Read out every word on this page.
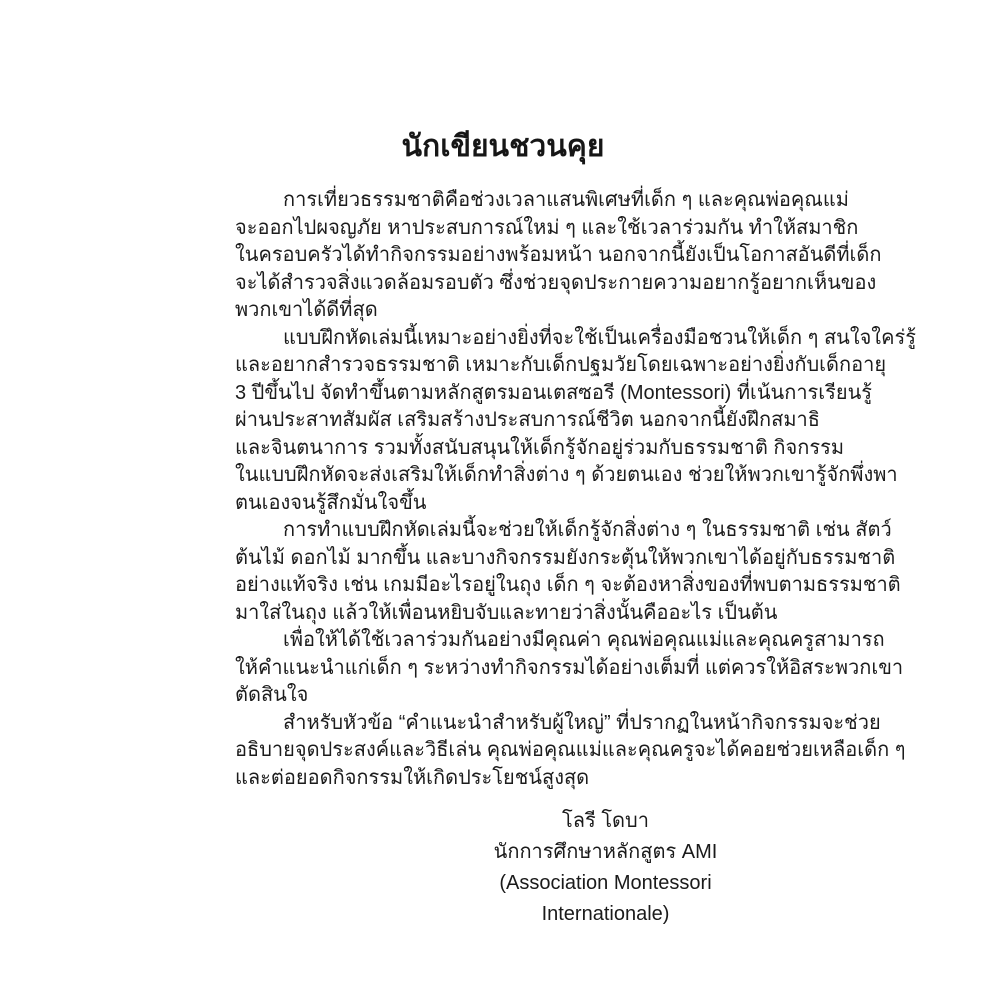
นักเขียนชวนคุย
การเที่ยวธรรมชาติคือช่วงเวลาแสนพิเศษที่เด็ก ๆ และคุณพ่อคุณแม่
จะออกไปผจญภัย หาประสบการณ์ใหม่ ๆ และใช้เวลาร่วมกัน ทำให้สมาชิก
ในครอบครัวได้ทำกิจกรรมอย่างพร้อมหน้า นอกจากนี้ยังเป็นโอกาสอันดีที่เด็ก
จะได้สำรวจสิ่งแวดล้อมรอบตัว ซึ่งช่วยจุดประกายความอยากรู้อยากเห็นของ
พวกเขาได้ดีที่สุด
แบบฝึกหัดเล่มนี้เหมาะอย่างยิ่งที่จะใช้เป็นเครื่องมือชวนให้เด็ก ๆ สนใจใคร่รู้
และอยากสำรวจธรรมชาติ เหมาะกับเด็กปฐมวัยโดยเฉพาะอย่างยิ่งกับเด็กอายุ
3 ปีขึ้นไป จัดทำขึ้นตามหลักสูตรมอนเตสซอรี (Montessori) ที่เน้นการเรียนรู้
ผ่านประสาทสัมผัส เสริมสร้างประสบการณ์ชีวิต นอกจากนี้ยังฝึกสมาธิ
และจินตนาการ รวมทั้งสนับสนุนให้เด็กรู้จักอยู่ร่วมกับธรรมชาติ กิจกรรม
ในแบบฝึกหัดจะส่งเสริมให้เด็กทำสิ่งต่าง ๆ ด้วยตนเอง ช่วยให้พวกเขารู้จักพึ่งพา
ตนเองจนรู้สึกมั่นใจขึ้น
การทำแบบฝึกหัดเล่มนี้จะช่วยให้เด็กรู้จักสิ่งต่าง ๆ ในธรรมชาติ เช่น สัตว์
ต้นไม้ ดอกไม้ มากขึ้น และบางกิจกรรมยังกระตุ้นให้พวกเขาได้อยู่กับธรรมชาติ
อย่างแท้จริง เช่น เกมมีอะไรอยู่ในถุง เด็ก ๆ จะต้องหาสิ่งของที่พบตามธรรมชาติ
มาใส่ในถุง แล้วให้เพื่อนหยิบจับและทายว่าสิ่งนั้นคืออะไร เป็นต้น
เพื่อให้ได้ใช้เวลาร่วมกันอย่างมีคุณค่า คุณพ่อคุณแม่และคุณครูสามารถ
ให้คำแนะนำแก่เด็ก ๆ ระหว่างทำกิจกรรมได้อย่างเต็มที่ แต่ควรให้อิสระพวกเขา
ตัดสินใจ
สำหรับหัวข้อ “คำแนะนำสำหรับผู้ใหญ่” ที่ปรากฏในหน้ากิจกรรมจะช่วย
อธิบายจุดประสงค์และวิธีเล่น คุณพ่อคุณแม่และคุณครูจะได้คอยช่วยเหลือเด็ก ๆ
และต่อยอดกิจกรรมให้เกิดประโยชน์สูงสุด
โลรี โดบา
นักการศึกษาหลักสูตร AMI
(Association Montessori Internationale)
